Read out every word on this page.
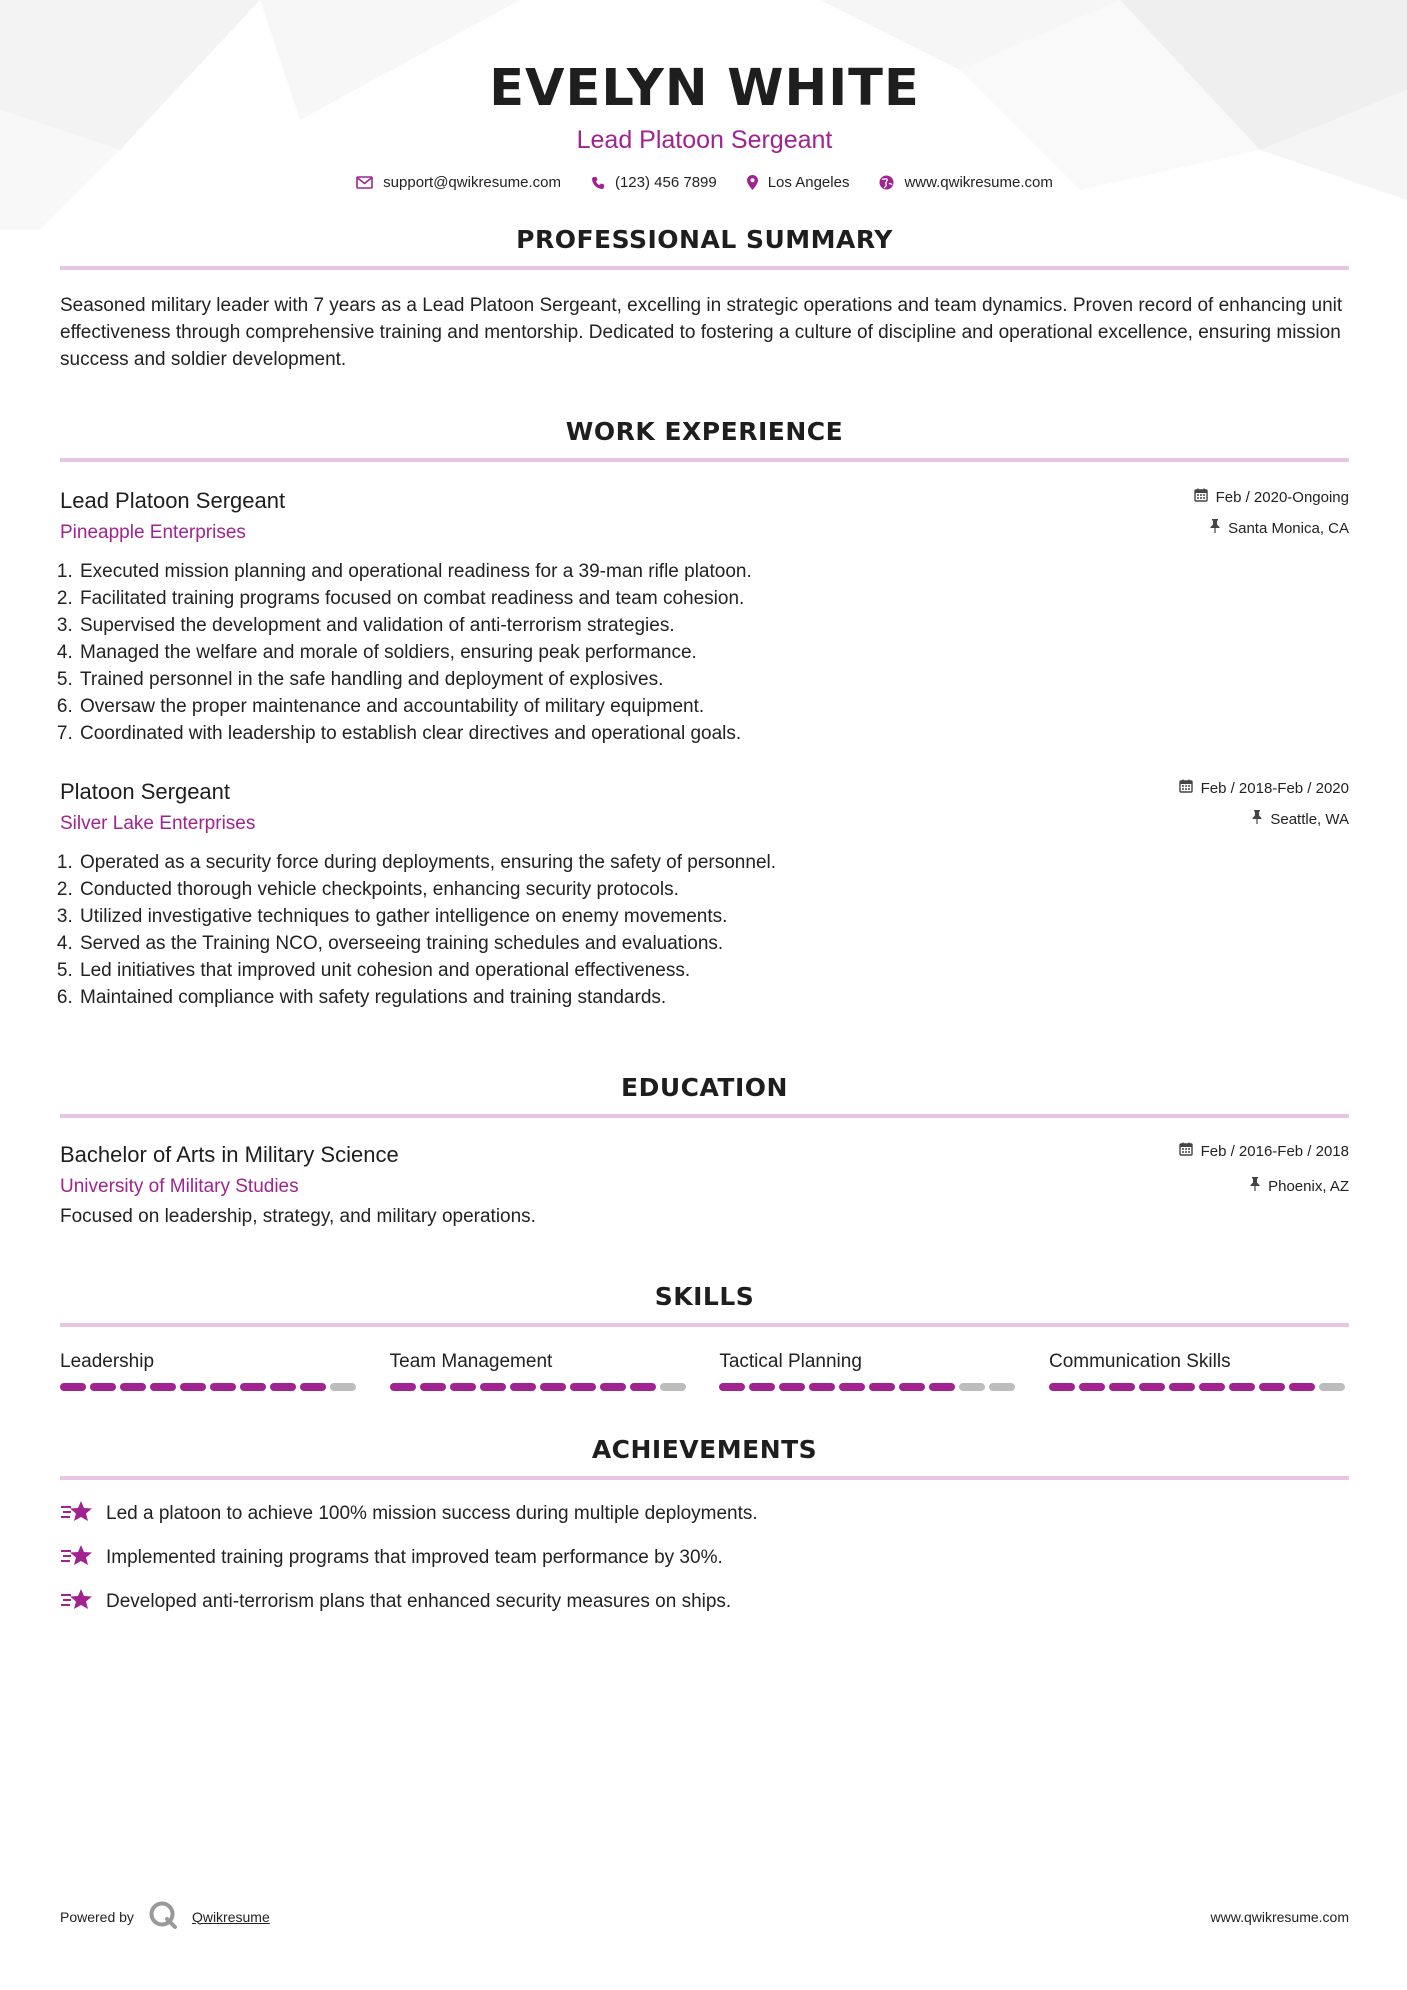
EVELYN WHITE
Lead Platoon Sergeant
support@qwikresume.com	(123) 456 7899	Los Angeles	www.qwikresume.com
PROFESSIONAL SUMMARY

Seasoned military leader with 7 years as a Lead Platoon Sergeant, excelling in strategic operations and team dynamics. Proven record of enhancing unit effectiveness through comprehensive training and mentorship. Dedicated to fostering a culture of discipline and operational excellence, ensuring mission success and soldier development.

WORK EXPERIENCE
Lead Platoon Sergeant
Pineapple Enterprises
Feb / 2020-Ongoing
Santa Monica, CA
1. Executed mission planning and operational readiness for a 39-man rifle platoon.
2. Facilitated training programs focused on combat readiness and team cohesion.
3. Supervised the development and validation of anti-terrorism strategies.
4. Managed the welfare and morale of soldiers, ensuring peak performance.
5. Trained personnel in the safe handling and deployment of explosives.
6. Oversaw the proper maintenance and accountability of military equipment.
7. Coordinated with leadership to establish clear directives and operational goals.
Platoon Sergeant
Silver Lake Enterprises
Feb / 2018-Feb / 2020
Seattle, WA
1. Operated as a security force during deployments, ensuring the safety of personnel.
2. Conducted thorough vehicle checkpoints, enhancing security protocols.
3. Utilized investigative techniques to gather intelligence on enemy movements.
4. Served as the Training NCO, overseeing training schedules and evaluations.
5. Led initiatives that improved unit cohesion and operational effectiveness.
6. Maintained compliance with safety regulations and training standards.
EDUCATION
Bachelor of Arts in Military Science
University of Military Studies
Focused on leadership, strategy, and military operations.
Feb / 2016-Feb / 2018
Phoenix, AZ
SKILLS
Leadership	Team Management	Tactical Planning	Communication Skills
ACHIEVEMENTS
Led a platoon to achieve 100% mission success during multiple deployments.
Implemented training programs that improved team performance by 30%.
Developed anti-terrorism plans that enhanced security measures on ships.
Powered by	Qwikresume	www.qwikresume.com
